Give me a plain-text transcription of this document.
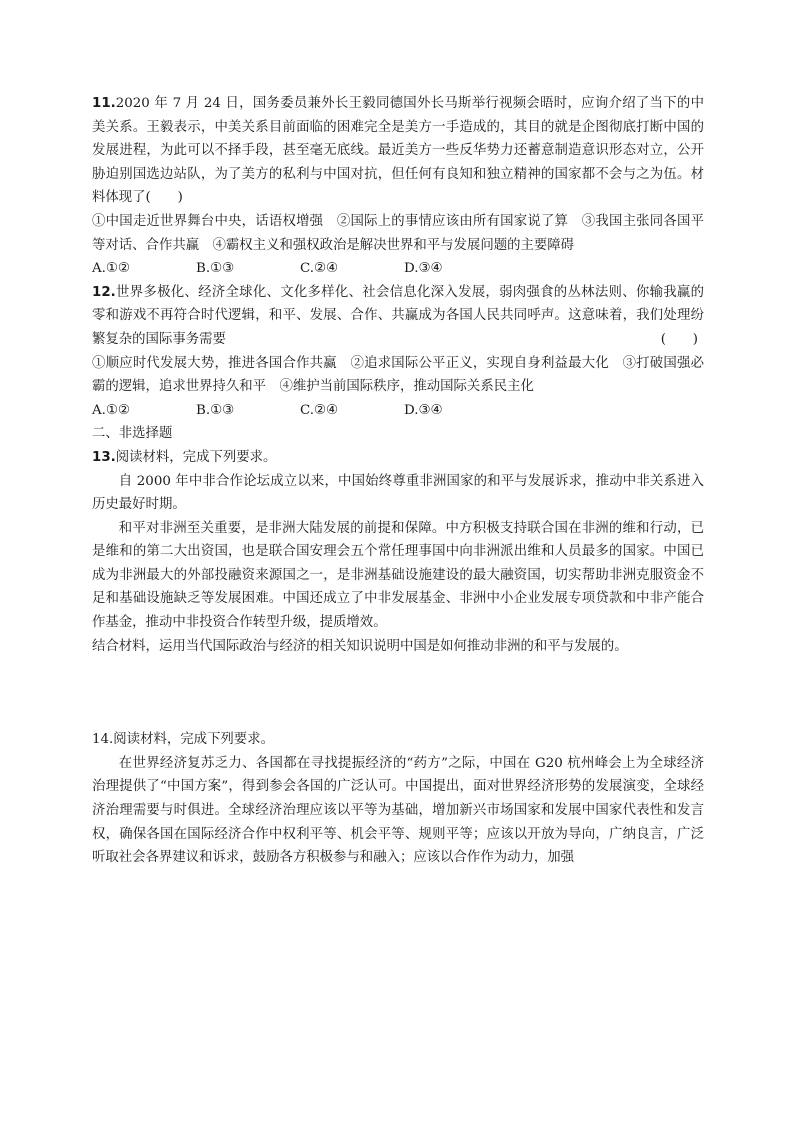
11.2020 年 7 月 24 日，国务委员兼外长王毅同德国外长马斯举行视频会晤时，应询介绍了当下的中美关系。王毅表示，中美关系目前面临的困难完全是美方一手造成的，其目的就是企图彻底打断中国的发展进程，为此可以不择手段，甚至毫无底线。最近美方一些反华势力还蓄意制造意识形态对立，公开胁迫别国选边站队，为了美方的私利与中国对抗，但任何有良知和独立精神的国家都不会与之为伍。材料体现了(　　)

①中国走近世界舞台中央，话语权增强　②国际上的事情应该由所有国家说了算　③我国主张同各国平等对话、合作共赢　④霸权主义和强权政治是解决世界和平与发展问题的主要障碍

A.①②	B.①③	C.②④	D.③④

12.世界多极化、经济全球化、文化多样化、社会信息化深入发展，弱肉强食的丛林法则、你输我赢的零和游戏不再符合时代逻辑，和平、发展、合作、共赢成为各国人民共同呼声。这意味着，我们处理纷繁复杂的国际事务需要	(　　)

①顺应时代发展大势，推进各国合作共赢　②追求国际公平正义，实现自身利益最大化　③打破国强必霸的逻辑，追求世界持久和平　④维护当前国际秩序，推动国际关系民主化

A.①②	B.①③	C.②④	D.③④

二、非选择题

13.阅读材料，完成下列要求。

自 2000 年中非合作论坛成立以来，中国始终尊重非洲国家的和平与发展诉求，推动中非关系进入历史最好时期。

和平对非洲至关重要，是非洲大陆发展的前提和保障。中方积极支持联合国在非洲的维和行动，已是维和的第二大出资国，也是联合国安理会五个常任理事国中向非洲派出维和人员最多的国家。中国已成为非洲最大的外部投融资来源国之一，是非洲基础设施建设的最大融资国，切实帮助非洲克服资金不足和基础设施缺乏等发展困难。中国还成立了中非发展基金、非洲中小企业发展专项贷款和中非产能合作基金，推动中非投资合作转型升级，提质增效。

结合材料，运用当代国际政治与经济的相关知识说明中国是如何推动非洲的和平与发展的。

14.阅读材料，完成下列要求。

在世界经济复苏乏力、各国都在寻找提振经济的“药方”之际，中国在 G20 杭州峰会上为全球经济治理提供了“中国方案”，得到参会各国的广泛认可。中国提出，面对世界经济形势的发展演变，全球经济治理需要与时俱进。全球经济治理应该以平等为基础，增加新兴市场国家和发展中国家代表性和发言权，确保各国在国际经济合作中权利平等、机会平等、规则平等；应该以开放为导向，广纳良言，广泛听取社会各界建议和诉求，鼓励各方积极参与和融入；应该以合作作为动力，加强
